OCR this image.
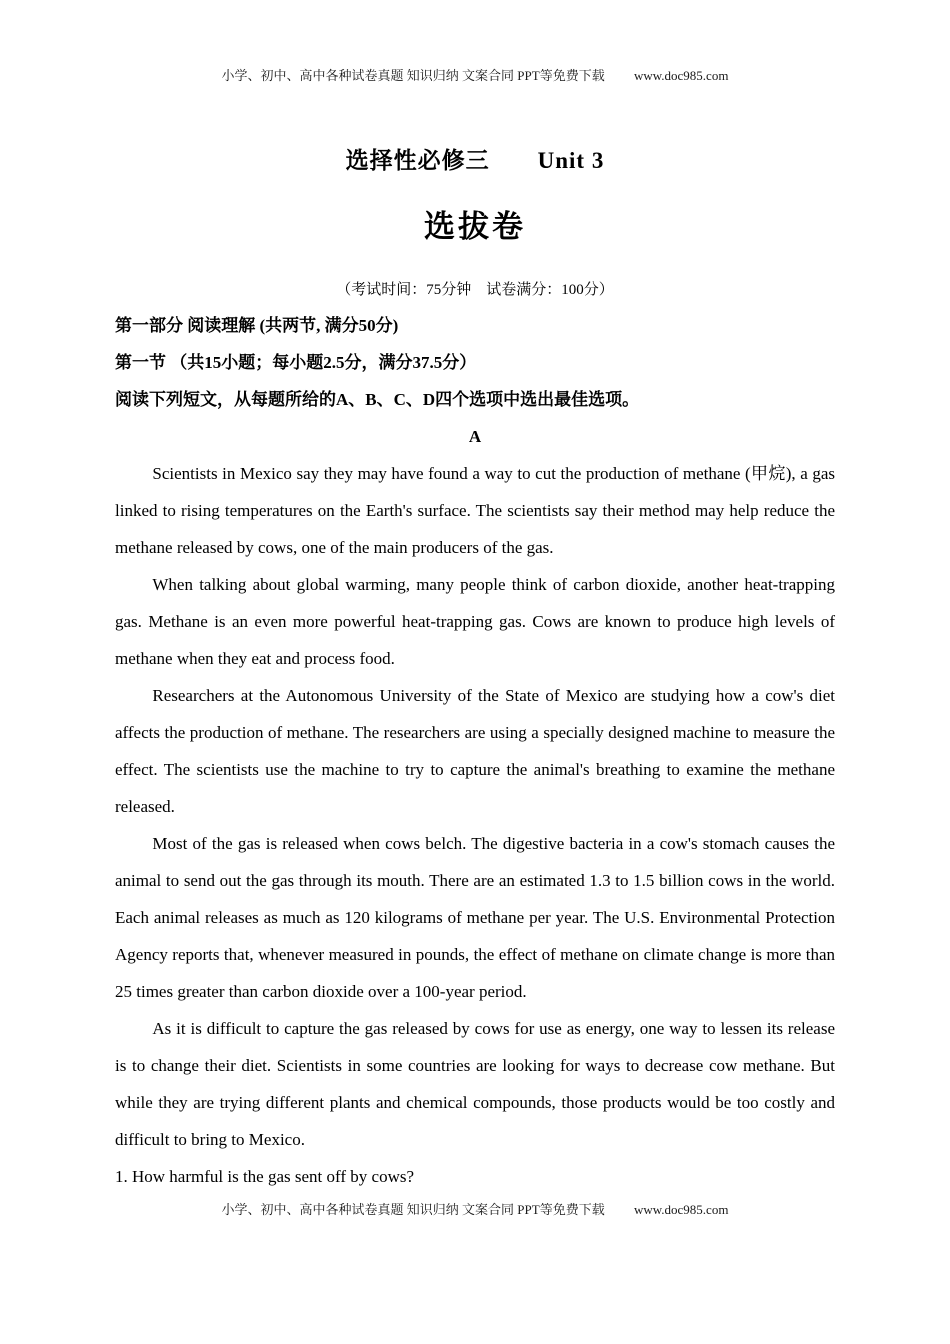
小学、初中、高中各种试卷真题 知识归纳 文案合同 PPT等免费下载 www.doc985.com
选择性必修三　　Unit 3
选拔卷
（考试时间：75分钟　试卷满分：100分）
第一部分 阅读理解 (共两节, 满分50分)
第一节 （共15小题；每小题2.5分，满分37.5分）
阅读下列短文，从每题所给的A、B、C、D四个选项中选出最佳选项。
A
Scientists in Mexico say they may have found a way to cut the production of methane (甲烷), a gas linked to rising temperatures on the Earth's surface. The scientists say their method may help reduce the methane released by cows, one of the main producers of the gas.
When talking about global warming, many people think of carbon dioxide, another heat-trapping gas. Methane is an even more powerful heat-trapping gas. Cows are known to produce high levels of methane when they eat and process food.
Researchers at the Autonomous University of the State of Mexico are studying how a cow's diet affects the production of methane. The researchers are using a specially designed machine to measure the effect. The scientists use the machine to try to capture the animal's breathing to examine the methane released.
Most of the gas is released when cows belch. The digestive bacteria in a cow's stomach causes the animal to send out the gas through its mouth. There are an estimated 1.3 to 1.5 billion cows in the world. Each animal releases as much as 120 kilograms of methane per year. The U.S. Environmental Protection Agency reports that, whenever measured in pounds, the effect of methane on climate change is more than 25 times greater than carbon dioxide over a 100-year period.
As it is difficult to capture the gas released by cows for use as energy, one way to lessen its release is to change their diet. Scientists in some countries are looking for ways to decrease cow methane. But while they are trying different plants and chemical compounds, those products would be too costly and difficult to bring to Mexico.
1. How harmful is the gas sent off by cows?
小学、初中、高中各种试卷真题 知识归纳 文案合同 PPT等免费下载 www.doc985.com
